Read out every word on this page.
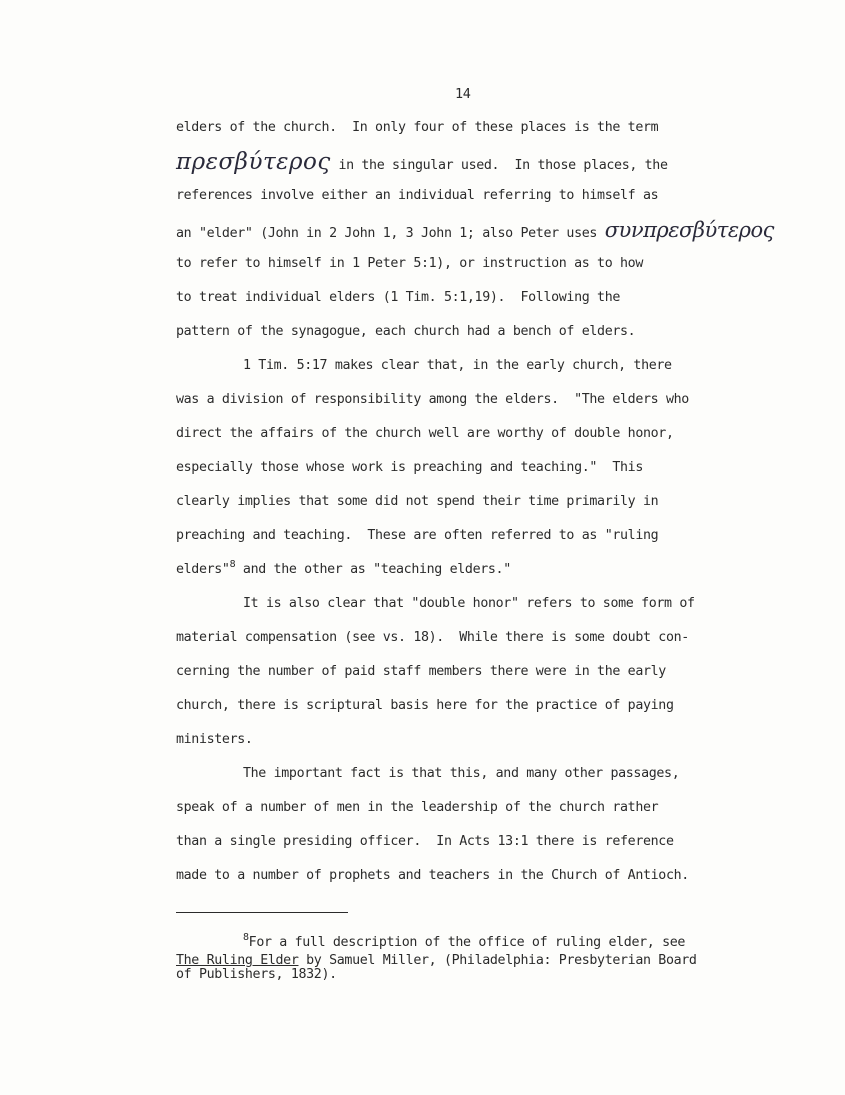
14
elders of the church.  In only four of these places is the term
πρεσβύτερος in the singular used.  In those places, the
references involve either an individual referring to himself as
an "elder" (John in 2 John 1, 3 John 1; also Peter uses συνπρεσβύτερος
to refer to himself in 1 Peter 5:1), or instruction as to how
to treat individual elders (1 Tim. 5:1,19).  Following the
pattern of the synagogue, each church had a bench of elders.
1 Tim. 5:17 makes clear that, in the early church, there
was a division of responsibility among the elders.  "The elders who
direct the affairs of the church well are worthy of double honor,
especially those whose work is preaching and teaching."  This
clearly implies that some did not spend their time primarily in
preaching and teaching.  These are often referred to as "ruling
elders"$^8$ and the other as "teaching elders."
It is also clear that "double honor" refers to some form of
material compensation (see vs. 18).  While there is some doubt con-
cerning the number of paid staff members there were in the early
church, there is scriptural basis here for the practice of paying
ministers.
The important fact is that this, and many other passages,
speak of a number of men in the leadership of the church rather
than a single presiding officer.  In Acts 13:1 there is reference
made to a number of prophets and teachers in the Church of Antioch.
$^8$For a full description of the office of ruling elder, see
The Ruling Elder by Samuel Miller, (Philadelphia: Presbyterian Board
of Publishers, 1832).
